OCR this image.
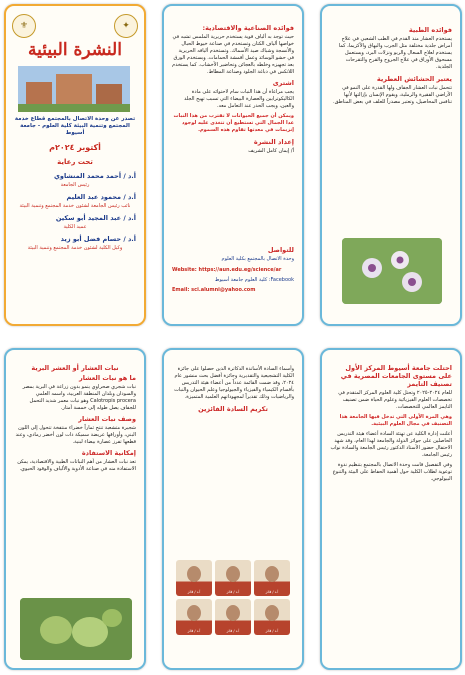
⚜	✦
النشرة البيئية
تصدر عن وحدة الاتصال بالمجتمع قطاع خدمة المجتمع وتنمية البيئة كلية العلوم - جامعة أسيوط
أكتوبر ٢٠٢٤م
تحت رعاية
أ.د / أحمد محمد المنشاوي
رئيس الجامعة
أ.د / محمود عبد العليم
نائب رئيس الجامعة لشئون خدمة المجتمع وتنمية البيئة
أ.د / عبد المجيد أبو سكين
عميد الكلية
أ.د / حسام فضل أبو زيد
وكيل الكلية لشئون خدمة المجتمع وتنمية البيئة
فوائده الصناعية والاقتصادية:
حيث توجد به ألياف قوية يستخدم حريرية الملمس تشبه في خواصها ألياف الكتان وتستخدم في صناعة خيوط الحبال والأنسجة وشباك صيد الأسماك. وتستخدم أليافه الحريرية في حشو الوسائد وعمل أقمشة الحمامات. ويستخدم الورق بعد تجهيزه وخلطه بالعجائن وتحاضير الأخشاب. كما يستخدم اللاتكس في دباغة الجلود وصناعة المطاط.
اشترى
يجب مراعاة أن هذا النبات سام لاحتوائه على مادة الكاليكوترابين والعصارة البيضاء التي تسبب تهيج الجلد والعين، ويجب الحذر عند التعامل معه.
ويمكن أن جميع الحيوانات لا تقترب من هذا النبات عدا الجمال التي تستطيع أن تتغذى عليه لوجود إنزيمات في معدتها تقاوم هذه السموم.
إعداد النشرة
أ/ إيمان كامل الشريف
للتواصل
وحدة الاتصال بالمجتمع بكلية العلوم
Website: https://aun.edu.eg/science/ar
Facebook: كلية العلوم جامعة أسيوط
Email: sci.alumni@yahoo.com
فوائده الطبية
يستخدم العشار منذ القدم في الطب الشعبي في علاج أمراض جلدية مختلفة مثل الجرب والبهاق والأكزيما، كما يستخدم لعلاج السعال والربو ونزلات البرد، ويستعمل مسحوق الأوراق في علاج الجروح والقرح والتقرحات الجلدية.
يعتبر الحشائش العطرية
تتحمل نبات العشار الجفاف ولها القدرة على النمو في الأراضي الفقيرة والرملية، ويقوم الإنسان بإزالتها لأنها تنافس المحاصيل، وتعتبر مصدراً للعلف في بعض المناطق.
نبات العشار أو العشر البرية
ما هو نبات العشار
نبات شجري صحراوي ينمو بدون زراعة في البرية بمصر والسودان وبلدان المنطقة العربية، واسمه العلمي Calotropis procera وهو نبات معمر شديد التحمل للجفاف يصل طوله إلى خمسة أمتار.
وصف نبات العشار
شجيرة متشعبة تنتج ثماراً خضراء منتفخة تتحول إلى اللون البني، وأوراقها عريضة سميكة ذات لون أخضر رمادي، وعند قطعها تفرز عصارة بيضاء لبنية.
إمكانية الاستفادة
تعد نبات العشار من أهم النباتات الطبية والاقتصادية، يمكن الاستفادة منه في صناعة الأدوية والألياف والوقود الحيوي.
وأسماء السادة الأساتذة الدكاترة الذين حصلوا على جائزة الكلية التشجيعية والتقديرية وجائزة أفضل بحث منشور عام ٢٠٢٤، وقد ضمت القائمة عدداً من أعضاء هيئة التدريس بأقسام الكيمياء والفيزياء والجيولوجيا وعلم الحيوان والنبات والرياضيات وذلك تقديراً لمجهوداتهم العلمية المتميزة.
تكريم السادة الفائزين
أ.د / فائز
أ.د / فائز
أ.د / فائز
أ.د / فائز
أ.د / فائز
أ.د / فائز
احتلت جامعة أسيوط المركز الأول على مستوى الجامعات المصرية في تصنيف التايمز
للعام ٢٠٢٤-٢٠٢٥ وتحتل كلية العلوم المركز المتقدم في تخصصات العلوم الفيزيائية وعلوم الحياة ضمن تصنيف التايمز العالمي للتخصصات.
وهي المرة الأولى التي تدخل فيها الجامعة هذا التصنيف في مجال العلوم البيئية.
أعلنت إدارة الكلية عن تهنئة السادة أعضاء هيئة التدريس الحاصلين على جوائز الدولة والجامعة لهذا العام، وقد شهد الاحتفال حضور الأستاذ الدكتور رئيس الجامعة والسادة نواب رئيس الجامعة.
وفي التفصيل قامت وحدة الاتصال بالمجتمع بتنظيم ندوة توعوية لطلاب الكلية حول أهمية الحفاظ على البيئة والتنوع البيولوجي.
